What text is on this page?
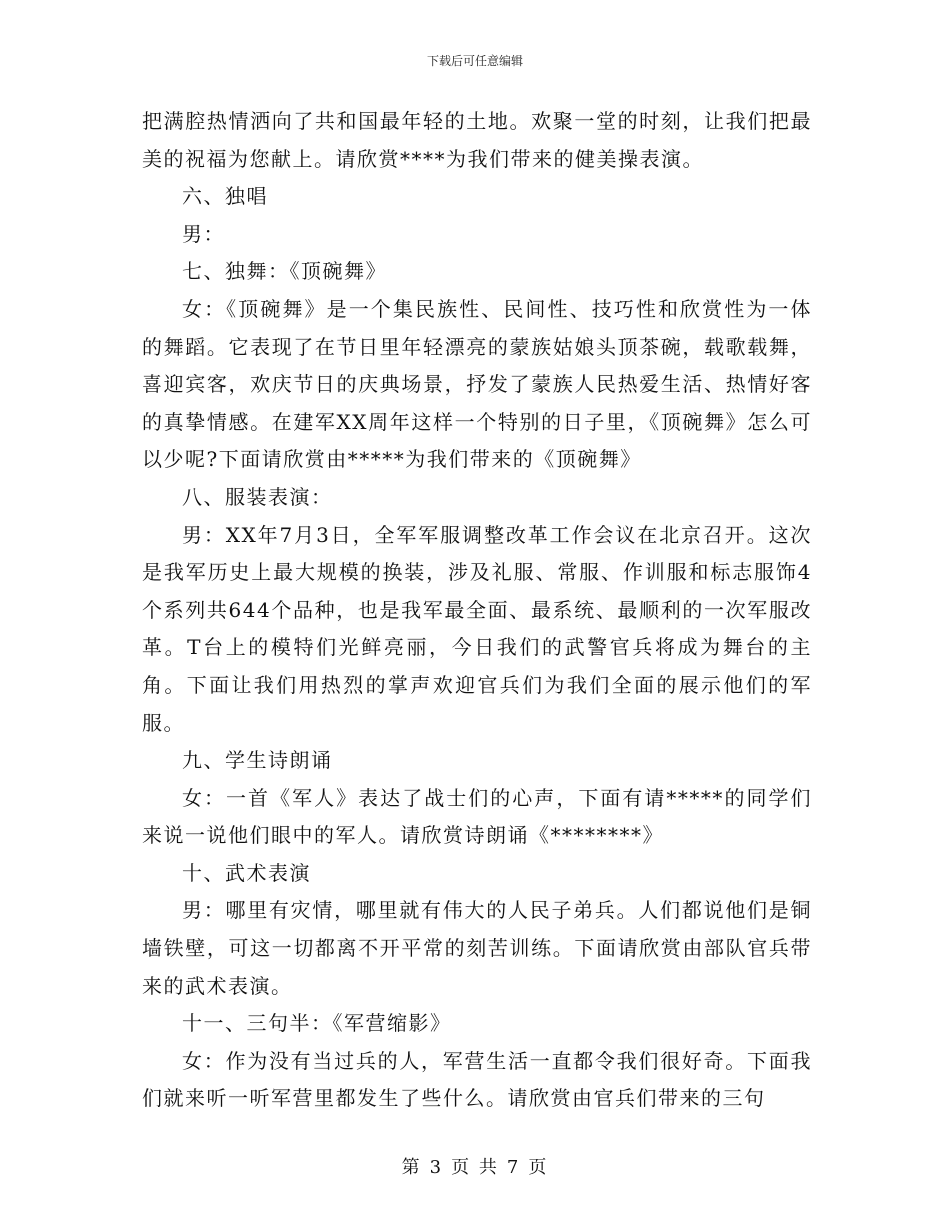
下载后可任意编辑

把满腔热情洒向了共和国最年轻的土地。欢聚一堂的时刻，让我们把最美的祝福为您献上。请欣赏****为我们带来的健美操表演。

六、独唱

男：

七、独舞：《顶碗舞》

女：《顶碗舞》是一个集民族性、民间性、技巧性和欣赏性为一体的舞蹈。它表现了在节日里年轻漂亮的蒙族姑娘头顶茶碗，载歌载舞，喜迎宾客，欢庆节日的庆典场景，抒发了蒙族人民热爱生活、热情好客的真挚情感。在建军XX周年这样一个特别的日子里，《顶碗舞》怎么可以少呢?下面请欣赏由*****为我们带来的《顶碗舞》

八、服装表演：

男：XX年7月3日，全军军服调整改革工作会议在北京召开。这次是我军历史上最大规模的换装，涉及礼服、常服、作训服和标志服饰4个系列共644个品种，也是我军最全面、最系统、最顺利的一次军服改革。T台上的模特们光鲜亮丽，今日我们的武警官兵将成为舞台的主角。下面让我们用热烈的掌声欢迎官兵们为我们全面的展示他们的军服。

九、学生诗朗诵

女：一首《军人》表达了战士们的心声，下面有请*****的同学们来说一说他们眼中的军人。请欣赏诗朗诵《********》

十、武术表演

男：哪里有灾情，哪里就有伟大的人民子弟兵。人们都说他们是铜墙铁壁，可这一切都离不开平常的刻苦训练。下面请欣赏由部队官兵带来的武术表演。

十一、三句半：《军营缩影》

女：作为没有当过兵的人，军营生活一直都令我们很好奇。下面我们就来听一听军营里都发生了些什么。请欣赏由官兵们带来的三句

第 3 页 共 7 页
